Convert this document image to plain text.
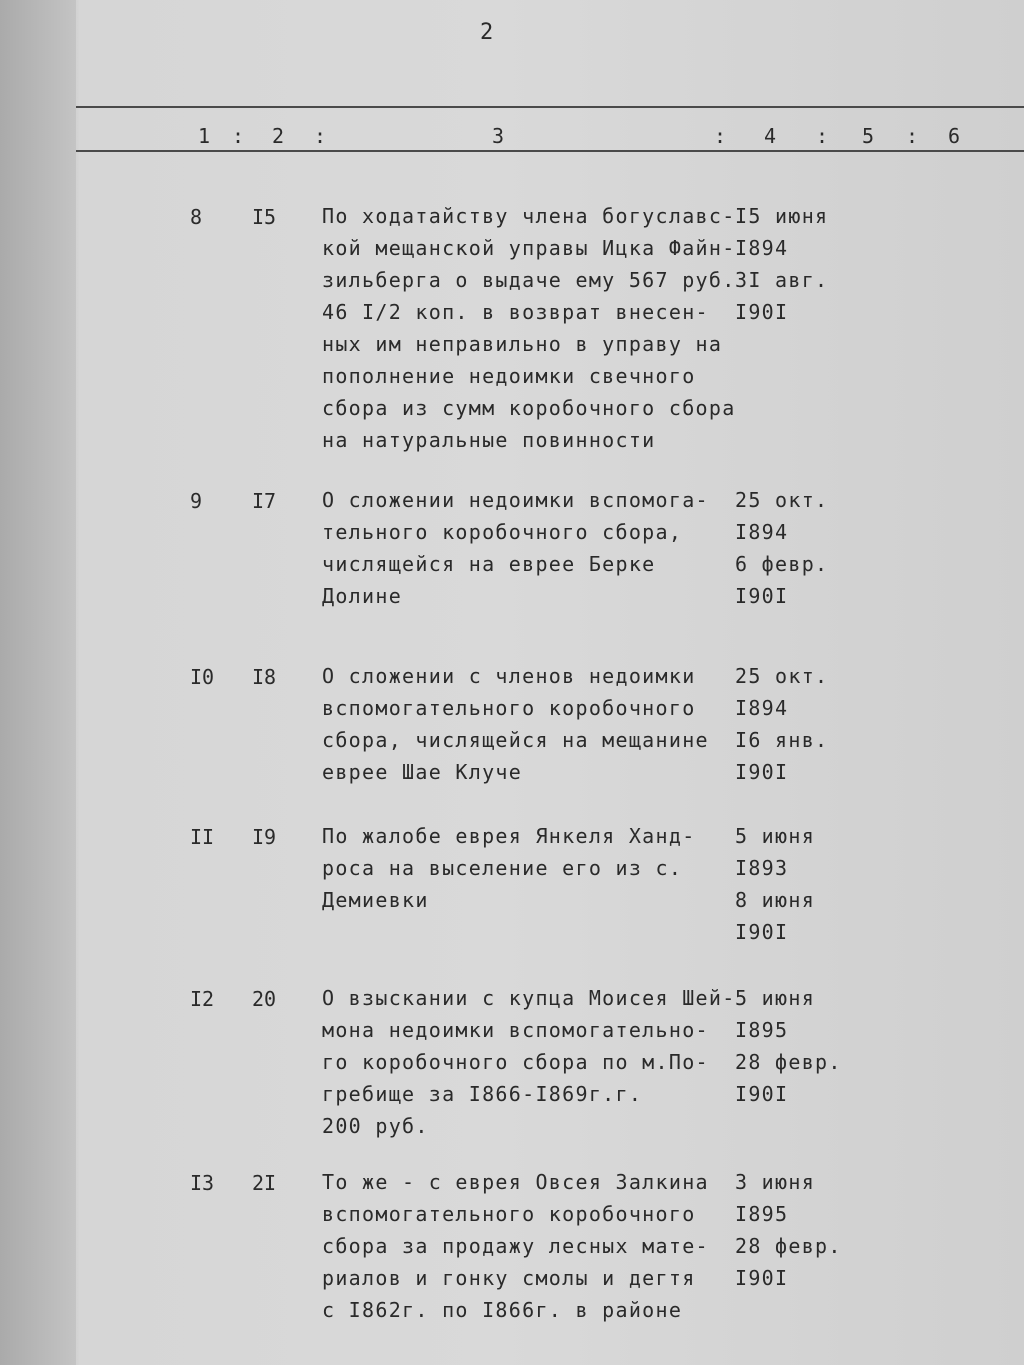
2
1 : 2 :	3	: 4 : 5 : 6
8 I5 По ходатайству члена богуславс-
кой мещанской управы Ицка Файн-
зильберга о выдаче ему 567 руб.
46 I/2 коп. в возврат внесен-
ных им неправильно в управу на
пополнение недоимки свечного
сбора из сумм коробочного сбора
на натуральные повинности
I5 июня
I894
3I авг.
I90I
9 I7 О сложении недоимки вспомога-
тельного коробочного сбора,
числящейся на еврее Берке
Долине
25 окт.
I894
6 февр.
I90I
I0 I8 О сложении с членов недоимки
вспомогательного коробочного
сбора, числящейся на мещанине
еврее Шае Клуче
25 окт.
I894
I6 янв.
I90I
II I9 По жалобе еврея Янкеля Ханд-
роса на выселение его из с.
Демиевки
5 июня
I893
8 июня
I90I
I2 20 О взыскании с купца Моисея Шей-
мона недоимки вспомогательно-
го коробочного сбора по м.По-
гребище за I866-I869г.г.
200 руб.
5 июня
I895
28 февр.
I90I
I3 2I То же - с еврея Овсея Залкина
вспомогательного коробочного
сбора за продажу лесных мате-
риалов и гонку смолы и дегтя
с I862г. по I866г. в районе
3 июня
I895
28 февр.
I90I
